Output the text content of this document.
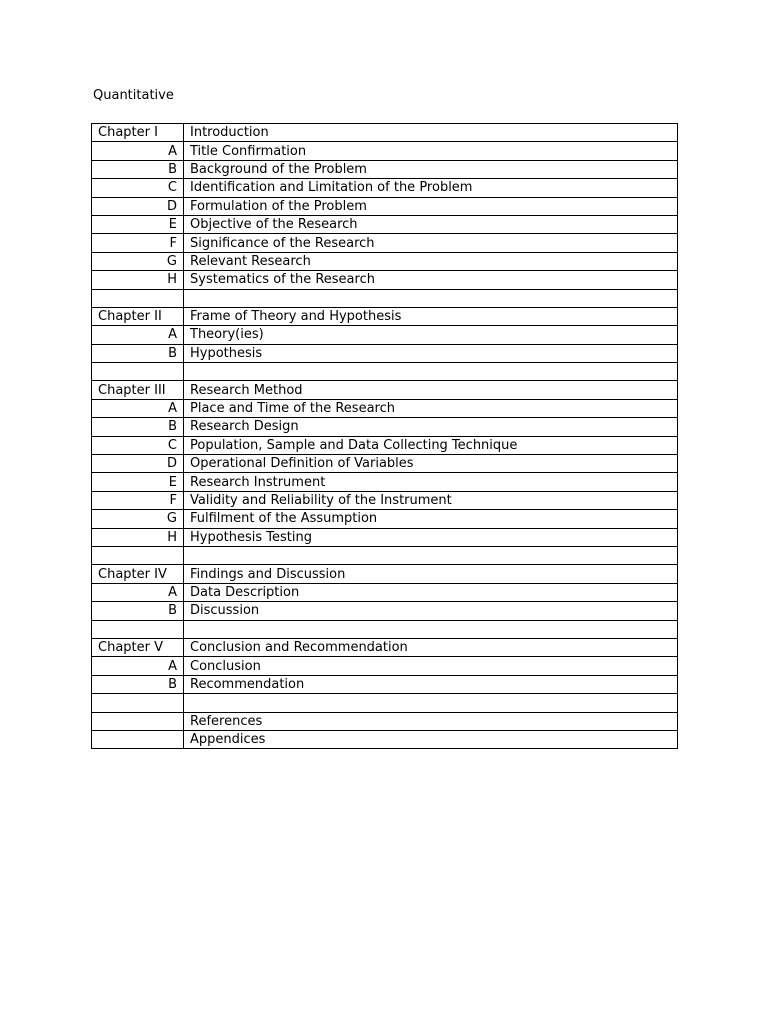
Quantitative
Chapter I	Introduction
A	Title Confirmation
B	Background of the Problem
C	Identification and Limitation of the Problem
D	Formulation of the Problem
E	Objective of the Research
F	Significance of the Research
G	Relevant Research
H	Systematics of the Research

Chapter II	Frame of Theory and Hypothesis
A	Theory(ies)
B	Hypothesis

Chapter III	Research Method
A	Place and Time of the Research
B	Research Design
C	Population, Sample and Data Collecting Technique
D	Operational Definition of Variables
E	Research Instrument
F	Validity and Reliability of the Instrument
G	Fulfilment of the Assumption
H	Hypothesis Testing

Chapter IV	Findings and Discussion
A	Data Description
B	Discussion

Chapter V	Conclusion and Recommendation
A	Conclusion
B	Recommendation

	References
	Appendices
